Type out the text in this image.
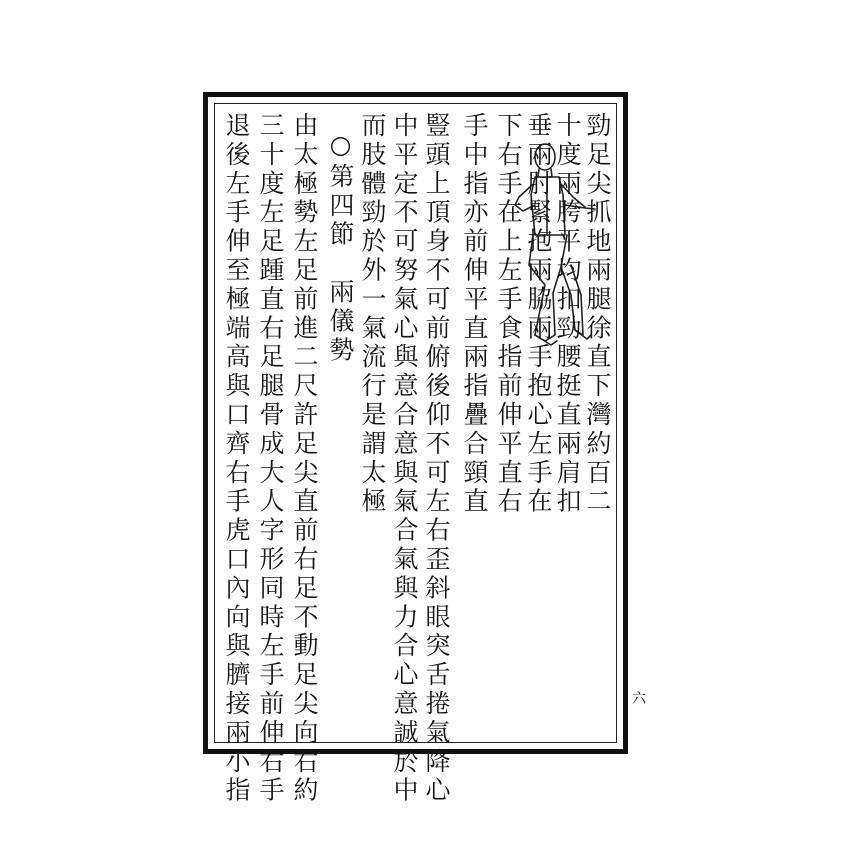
勁足尖抓地兩腿徐直下灣約百二
十度兩胯平均扣勁腰挺直兩肩扣
垂兩肘緊抱兩脇兩手抱心左手在
下右手在上左手食指前伸平直右
手中指亦前伸平直兩指疊合頸直
豎頭上頂身不可前俯後仰不可左右歪斜眼突舌捲氣降心
中平定不可努氣心與意合意與氣合氣與力合心意誠於中
而肢體勁於外一氣流行是謂太極
○第四節　兩儀勢
由太極勢左足前進二尺許足尖直前右足不動足尖向右約
三十度左足踵直右足腿骨成大人字形同時左手前伸右手
退後左手伸至極端高與口齊右手虎口內向與臍接兩小指	六
